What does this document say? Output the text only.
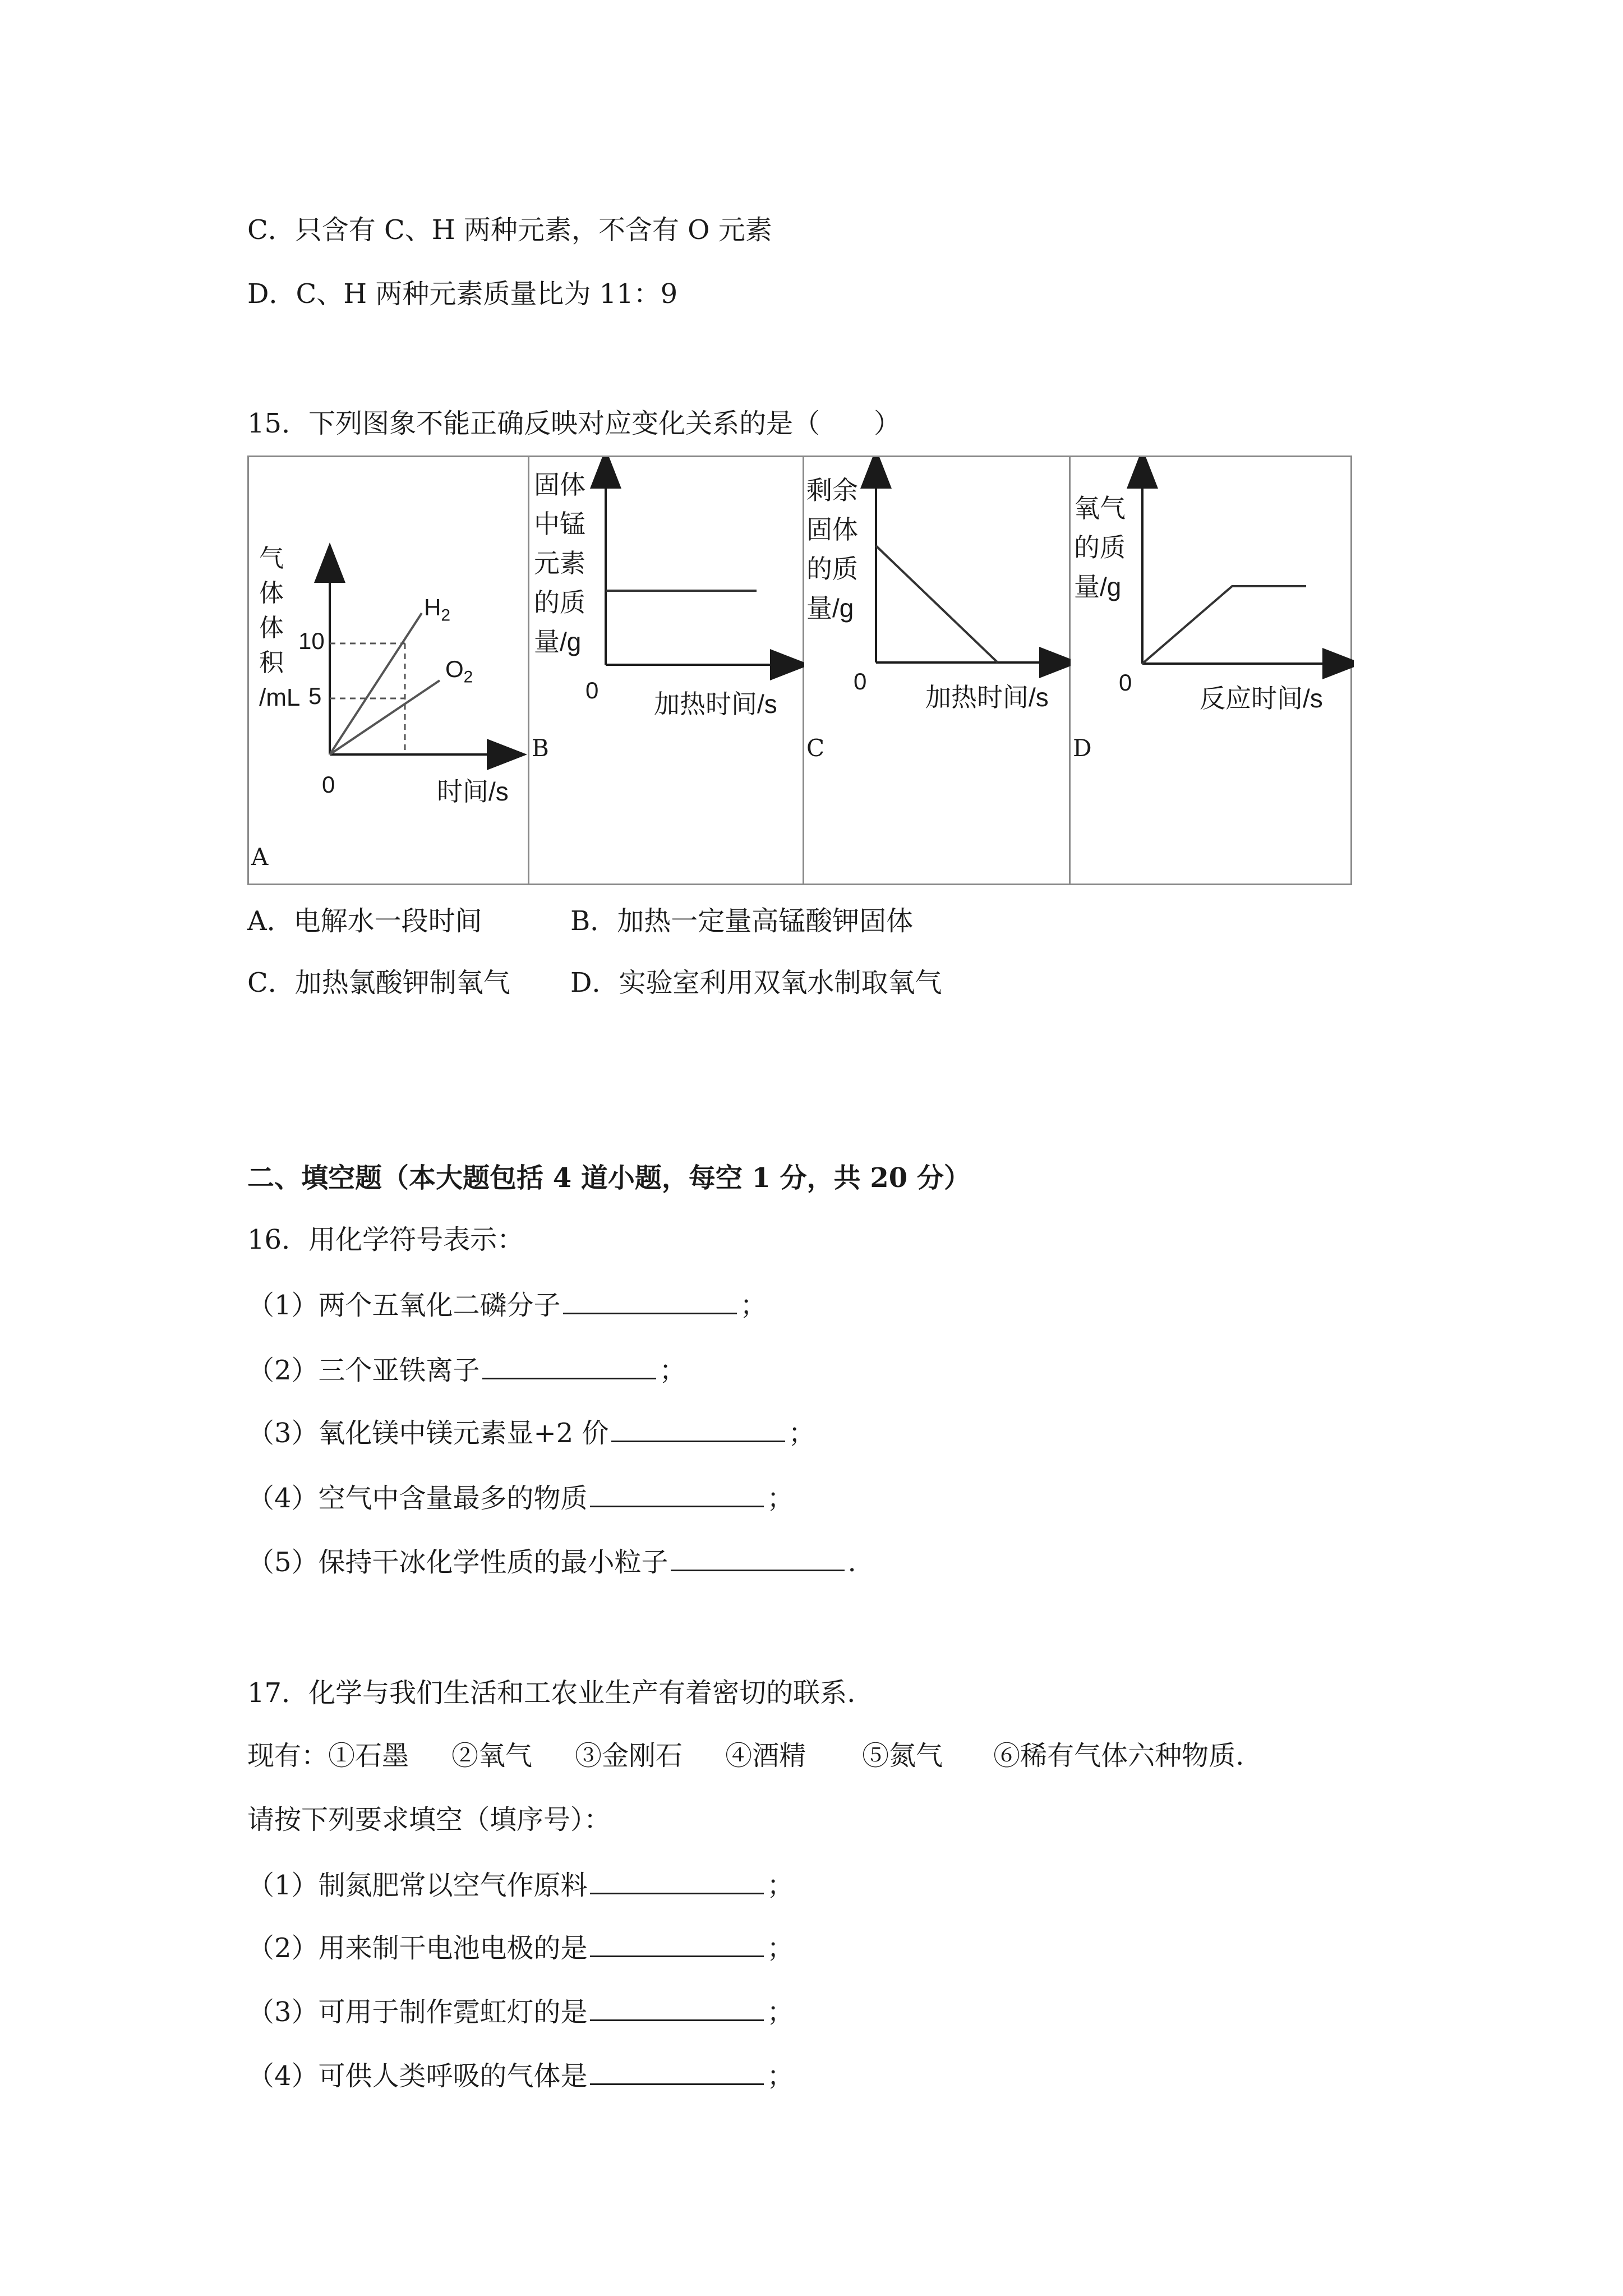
C．只含有 C、H 两种元素，不含有 O 元素
D．C、H 两种元素质量比为 11：9
15．下列图象不能正确反映对应变化关系的是（　　）
气
体
体
积
/mL
10
5
$H_2$
$O_2$
0	时间/s
A
固体
中锰
元素
的质
量/g
0 加热时间/s
B
剩余
固体
的质
量/g
0
加热时间/s
C
氧气
的质
量/g
0
反应时间/s
D
A．电解水一段时间	B．加热一定量高锰酸钾固体
C．加热氯酸钾制氧气 D．实验室利用双氧水制取氧气
二、填空题（本大题包括 4 道小题，每空 1 分，共 20 分）
16．用化学符号表示：
（1）两个五氧化二磷分子	；
（2）三个亚铁离子	；
（3）氧化镁中镁元素显+2 价	；
（4）空气中含量最多的物质	；
（5）保持干冰化学性质的最小粒子	.
17．化学与我们生活和工农业生产有着密切的联系.
现有：①石墨 ②氧气 ③金刚石 ④酒精 ⑤氮气 ⑥稀有气体六种物质.
请按下列要求填空（填序号）：
（1）制氮肥常以空气作原料	；
（2）用来制干电池电极的是	；
（3）可用于制作霓虹灯的是	；
（4）可供人类呼吸的气体是	；
